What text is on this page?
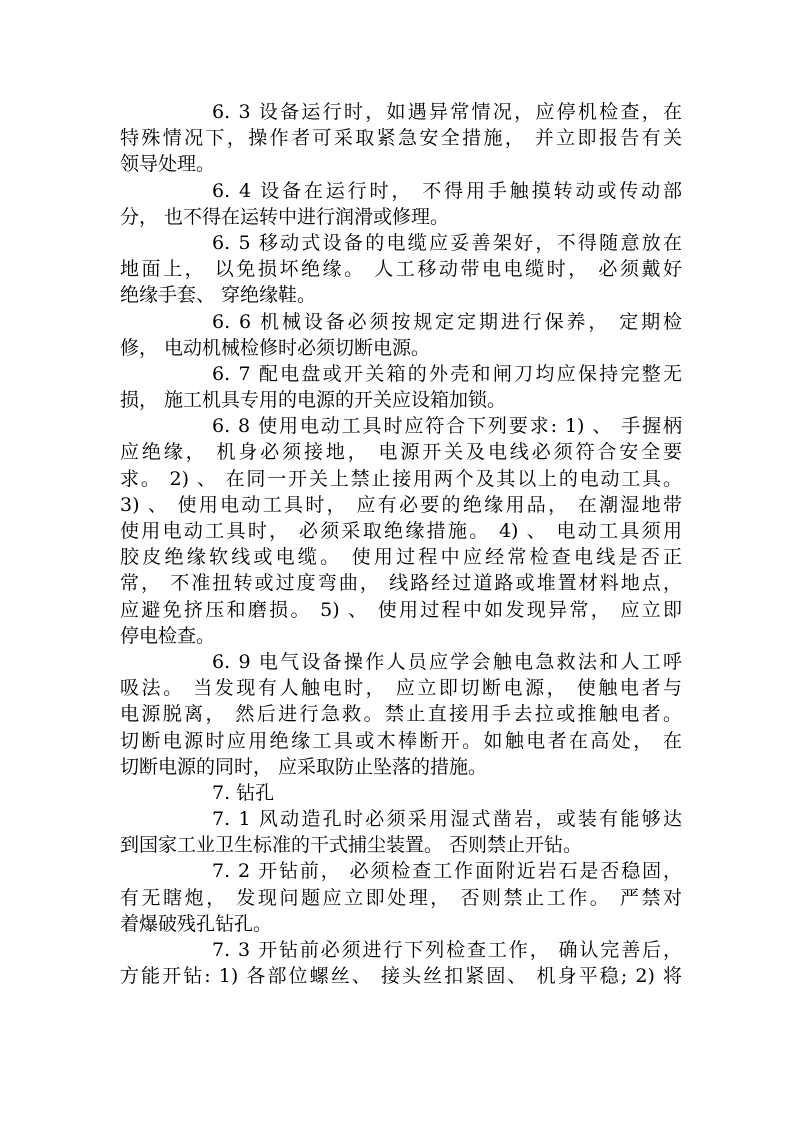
6. 3 设备运行时，如遇异常情况，应停机检查，在
特殊情况下，操作者可采取紧急安全措施， 并立即报告有关
领导处理。
6. 4 设备在运行时， 不得用手触摸转动或传动部
分， 也不得在运转中进行润滑或修理。
6. 5 移动式设备的电缆应妥善架好，不得随意放在
地面上， 以免损坏绝缘。 人工移动带电电缆时， 必须戴好
绝缘手套、 穿绝缘鞋。
6. 6 机械设备必须按规定定期进行保养， 定期检
修， 电动机械检修时必须切断电源。
6. 7 配电盘或开关箱的外壳和闸刀均应保持完整无
损， 施工机具专用的电源的开关应设箱加锁。
6. 8 使用电动工具时应符合下列要求: 1) 、 手握柄
应绝缘， 机身必须接地， 电源开关及电线必须符合安全要
求。 2) 、 在同一开关上禁止接用两个及其以上的电动工具。
3) 、 使用电动工具时， 应有必要的绝缘用品， 在潮湿地带
使用电动工具时， 必须采取绝缘措施。 4) 、 电动工具须用
胶皮绝缘软线或电缆。 使用过程中应经常检查电线是否正
常， 不准扭转或过度弯曲， 线路经过道路或堆置材料地点，
应避免挤压和磨损。 5) 、 使用过程中如发现异常， 应立即
停电检查。
6. 9 电气设备操作人员应学会触电急救法和人工呼
吸法。 当发现有人触电时， 应立即切断电源， 使触电者与
电源脱离， 然后进行急救。禁止直接用手去拉或推触电者。
切断电源时应用绝缘工具或木棒断开。如触电者在高处， 在
切断电源的同时， 应采取防止坠落的措施。
7. 钻孔
7. 1 风动造孔时必须采用湿式凿岩，或装有能够达
到国家工业卫生标准的干式捕尘装置。 否则禁止开钻。
7. 2 开钻前， 必须检查工作面附近岩石是否稳固，
有无瞎炮， 发现问题应立即处理， 否则禁止工作。 严禁对
着爆破残孔钻孔。
7. 3 开钻前必须进行下列检查工作， 确认完善后，
方能开钻: 1) 各部位螺丝、 接头丝扣紧固、 机身平稳; 2) 将
